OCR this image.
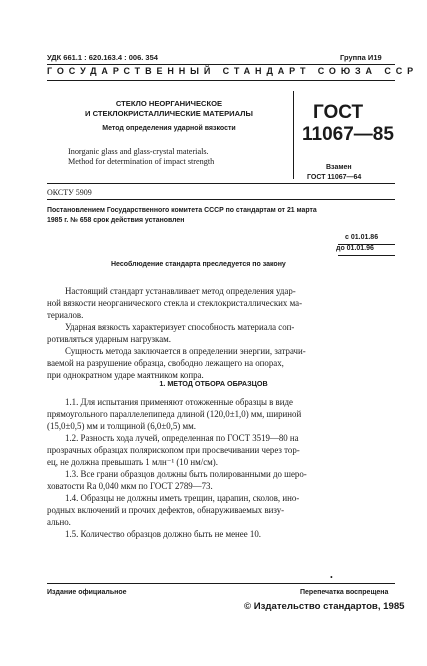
УДК 661.1 : 620.163.4 : 006. 354	Группа И19
ГОСУДАРСТВЕННЫЙ СТАНДАРТ СОЮЗА ССР
СТЕКЛО НЕОРГАНИЧЕСКОЕ
И СТЕКЛОКРИСТАЛЛИЧЕСКИЕ МАТЕРИАЛЫ
Метод определения ударной вязкости
Inorganic glass and glass-crystal materials.
Method for determination of impact strength
ГОСТ
11067—85
Взамен
ГОСТ 11067—64
ОКСТУ 5909
Постановлением Государственного комитета СССР по стандартам от 21 марта
1985 г. № 658 срок действия установлен
с 01.01.86
до 01.01.96
Несоблюдение стандарта преследуется по закону
Настоящий стандарт устанавливает метод определения удар-
ной вязкости неорганического стекла и стеклокристаллических ма-
териалов.
Ударная вязкость характеризует способность материала соп-
ротивляться ударным нагрузкам.
Сущность метода заключается в определении энергии, затрачи-
ваемой на разрушение образца, свободно лежащего на опорах,
при однократном ударе маятником копра.
1. МЕТОД ОТБОРА ОБРАЗЦОВ
1.1. Для испытания применяют отожженные образцы в виде
прямоугольного параллелепипеда длиной (120,0±1,0) мм, шириной
(15,0±0,5) мм и толщиной (6,0±0,5) мм.
1.2. Разность хода лучей, определенная по ГОСТ 3519—80 на
прозрачных образцах полярископом при просвечивании через тор-
ец, не должна превышать 1 млн⁻¹ (10 нм/см).
1.3. Все грани образцов должны быть полированными до шеро-
ховатости Ra 0,040 мкм по ГОСТ 2789—73.
1.4. Образцы не должны иметь трещин, царапин, сколов, ино-
родных включений и прочих дефектов, обнаруживаемых визу-
ально.
1.5. Количество образцов должно быть не менее 10.
•
Издание официальное	Перепечатка воспрещена
© Издательство стандартов, 1985
